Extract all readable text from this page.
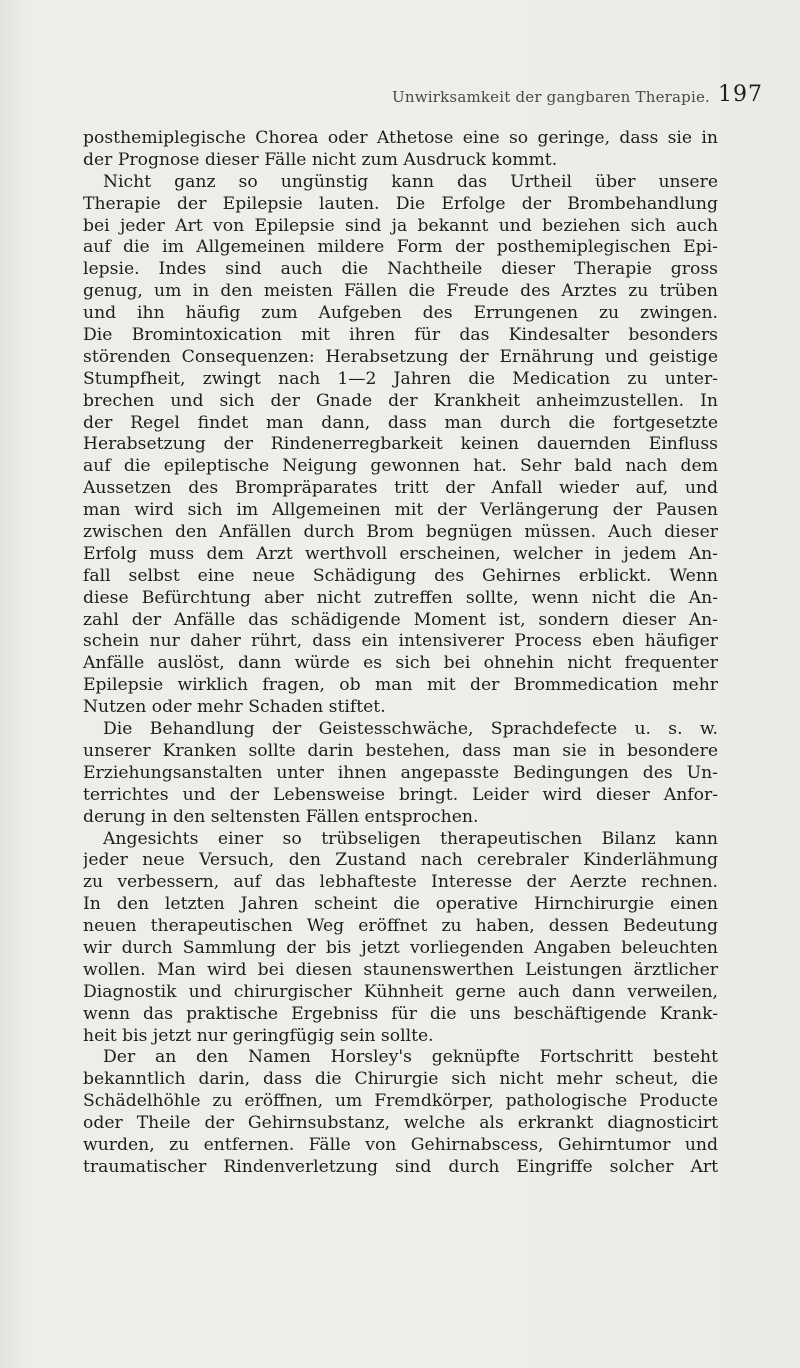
Unwirksamkeit der gangbaren Therapie. 197
posthemiplegische Chorea oder Athetose eine so geringe, dass sie in
der Prognose dieser Fälle nicht zum Ausdruck kommt.
Nicht ganz so ungünstig kann das Urtheil über unsere
Therapie der Epilepsie lauten. Die Erfolge der Brombehandlung
bei jeder Art von Epilepsie sind ja bekannt und beziehen sich auch
auf die im Allgemeinen mildere Form der posthemiplegischen Epi-
lepsie. Indes sind auch die Nachtheile dieser Therapie gross
genug, um in den meisten Fällen die Freude des Arztes zu trüben
und ihn häufig zum Aufgeben des Errungenen zu zwingen.
Die Bromintoxication mit ihren für das Kindesalter besonders
störenden Consequenzen: Herabsetzung der Ernährung und geistige
Stumpfheit, zwingt nach 1—2 Jahren die Medication zu unter-
brechen und sich der Gnade der Krankheit anheimzustellen. In
der Regel findet man dann, dass man durch die fortgesetzte
Herabsetzung der Rindenerregbarkeit keinen dauernden Einfluss
auf die epileptische Neigung gewonnen hat. Sehr bald nach dem
Aussetzen des Brompräparates tritt der Anfall wieder auf, und
man wird sich im Allgemeinen mit der Verlängerung der Pausen
zwischen den Anfällen durch Brom begnügen müssen. Auch dieser
Erfolg muss dem Arzt werthvoll erscheinen, welcher in jedem An-
fall selbst eine neue Schädigung des Gehirnes erblickt. Wenn
diese Befürchtung aber nicht zutreffen sollte, wenn nicht die An-
zahl der Anfälle das schädigende Moment ist, sondern dieser An-
schein nur daher rührt, dass ein intensiverer Process eben häufiger
Anfälle auslöst, dann würde es sich bei ohnehin nicht frequenter
Epilepsie wirklich fragen, ob man mit der Brommedication mehr
Nutzen oder mehr Schaden stiftet.
Die Behandlung der Geistesschwäche, Sprachdefecte u. s. w.
unserer Kranken sollte darin bestehen, dass man sie in besondere
Erziehungsanstalten unter ihnen angepasste Bedingungen des Un-
terrichtes und der Lebensweise bringt. Leider wird dieser Anfor-
derung in den seltensten Fällen entsprochen.
Angesichts einer so trübseligen therapeutischen Bilanz kann
jeder neue Versuch, den Zustand nach cerebraler Kinderlähmung
zu verbessern, auf das lebhafteste Interesse der Aerzte rechnen.
In den letzten Jahren scheint die operative Hirnchirurgie einen
neuen therapeutischen Weg eröffnet zu haben, dessen Bedeutung
wir durch Sammlung der bis jetzt vorliegenden Angaben beleuchten
wollen. Man wird bei diesen staunenswerthen Leistungen ärztlicher
Diagnostik und chirurgischer Kühnheit gerne auch dann verweilen,
wenn das praktische Ergebniss für die uns beschäftigende Krank-
heit bis jetzt nur geringfügig sein sollte.
Der an den Namen Horsley's geknüpfte Fortschritt besteht
bekanntlich darin, dass die Chirurgie sich nicht mehr scheut, die
Schädelhöhle zu eröffnen, um Fremdkörper, pathologische Producte
oder Theile der Gehirnsubstanz, welche als erkrankt diagnosticirt
wurden, zu entfernen. Fälle von Gehirnabscess, Gehirntumor und
traumatischer Rindenverletzung sind durch Eingriffe solcher Art
